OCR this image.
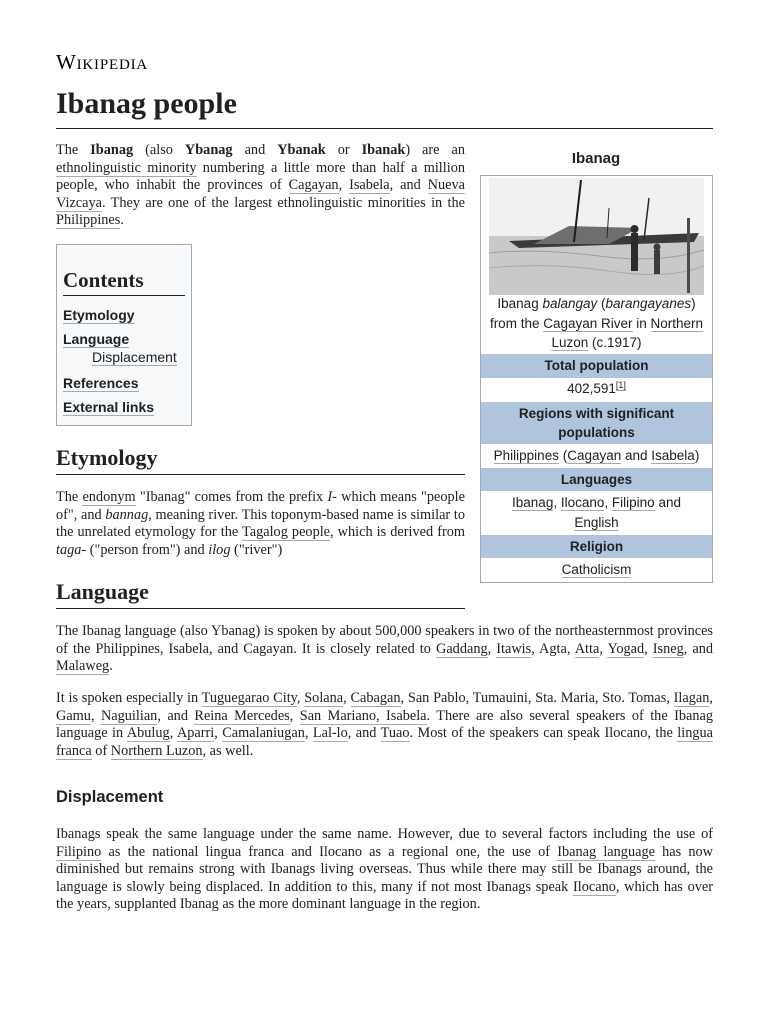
Wikipedia
Ibanag people

The Ibanag (also Ybanag and Ybanak or Ibanak) are an ethnolinguistic minority numbering a little more than half a million people, who inhabit the provinces of Cagayan, Isabela, and Nueva Vizcaya. They are one of the largest ethnolinguistic minorities in the Philippines.

Contents
Etymology
Language
Displacement
References
External links
Etymology

The endonym "Ibanag" comes from the prefix I- which means "people of", and bannag, meaning river. This toponym-based name is similar to the unrelated etymology for the Tagalog people, which is derived from taga- ("person from") and ilog ("river")

Language

The Ibanag language (also Ybanag) is spoken by about 500,000 speakers in two of the northeasternmost provinces of the Philippines, Isabela, and Cagayan. It is closely related to Gaddang, Itawis, Agta, Atta, Yogad, Isneg, and Malaweg.

It is spoken especially in Tuguegarao City, Solana, Cabagan, San Pablo, Tumauini, Sta. Maria, Sto. Tomas, Ilagan, Gamu, Naguilian, and Reina Mercedes, San Mariano, Isabela. There are also several speakers of the Ibanag language in Abulug, Aparri, Camalaniugan, Lal-lo, and Tuao. Most of the speakers can speak Ilocano, the lingua franca of Northern Luzon, as well.

Displacement

Ibanags speak the same language under the same name. However, due to several factors including the use of Filipino as the national lingua franca and Ilocano as a regional one, the use of Ibanag language has now diminished but remains strong with Ibanags living overseas. Thus while there may still be Ibanags around, the language is slowly being displaced. In addition to this, many if not most Ibanags speak Ilocano, which has over the years, supplanted Ibanag as the more dominant language in the region.

Ibanag
Ibanag balangay (barangayanes) from the Cagayan River in Northern Luzon (c.1917)
Total population
402,591[1]
Regions with significant populations
Philippines (Cagayan and Isabela)
Languages
Ibanag, Ilocano, Filipino and English
Religion
Catholicism
